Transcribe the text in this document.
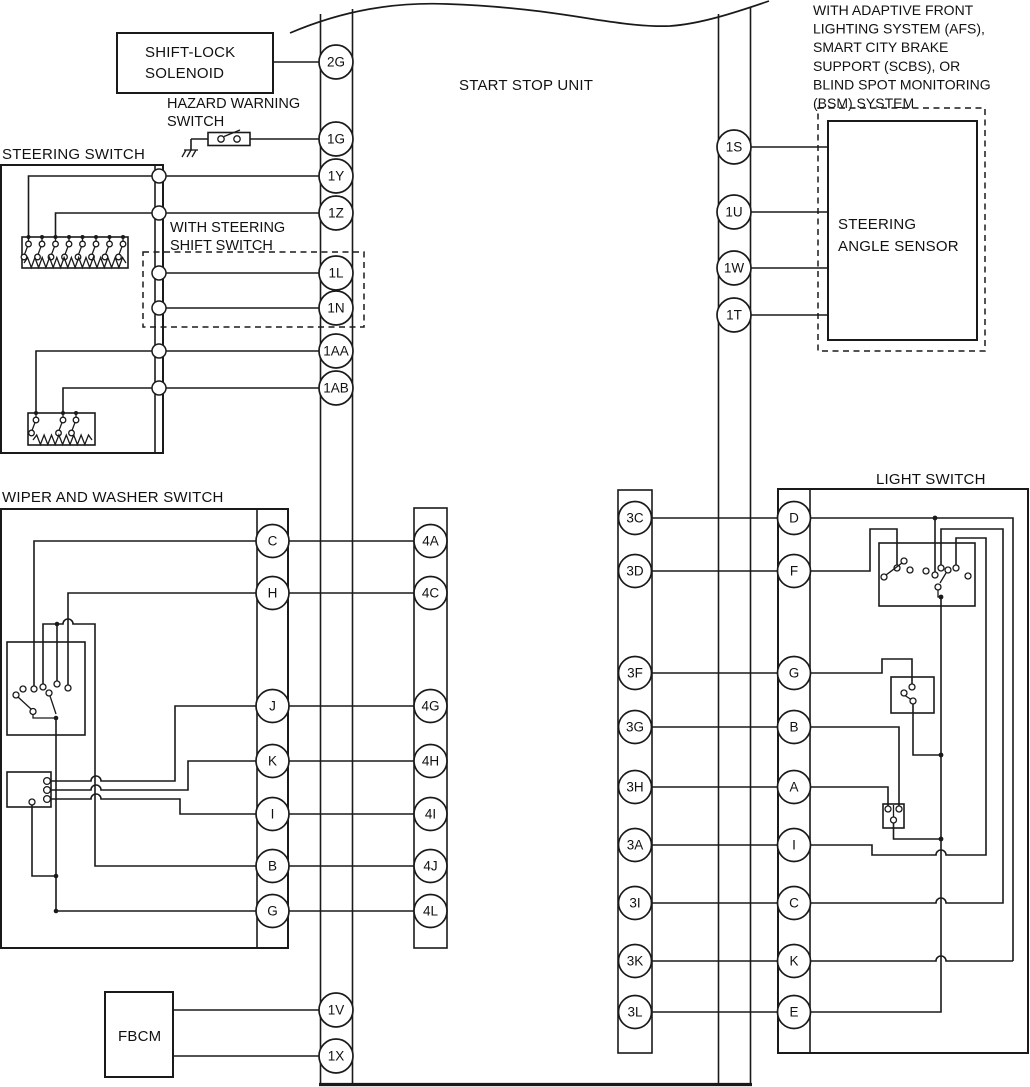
START STOP UNIT
SHIFT-LOCK
SOLENOID
HAZARD WARNING
SWITCH
STEERING SWITCH
WITH STEERING
SHIFT SWITCH
WITH ADAPTIVE FRONT
LIGHTING SYSTEM (AFS),
SMART CITY BRAKE
SUPPORT (SCBS), OR
BLIND SPOT MONITORING
(BSM) SYSTEM
STEERING
ANGLE SENSOR
WIPER AND WASHER SWITCH
C
H
J
K
I
B
G
4A
4C
4G
4H
4I
4J
4L
3C
3D
3F
3G
3H
3A
3I
3K
3L
LIGHT SWITCH
D
F
G
B
A
I
C
K
E
FBCM
2G
1G
1Y
1Z
1L
1N
1AA
1AB
1V
1X
1S
1U
1W
1T
